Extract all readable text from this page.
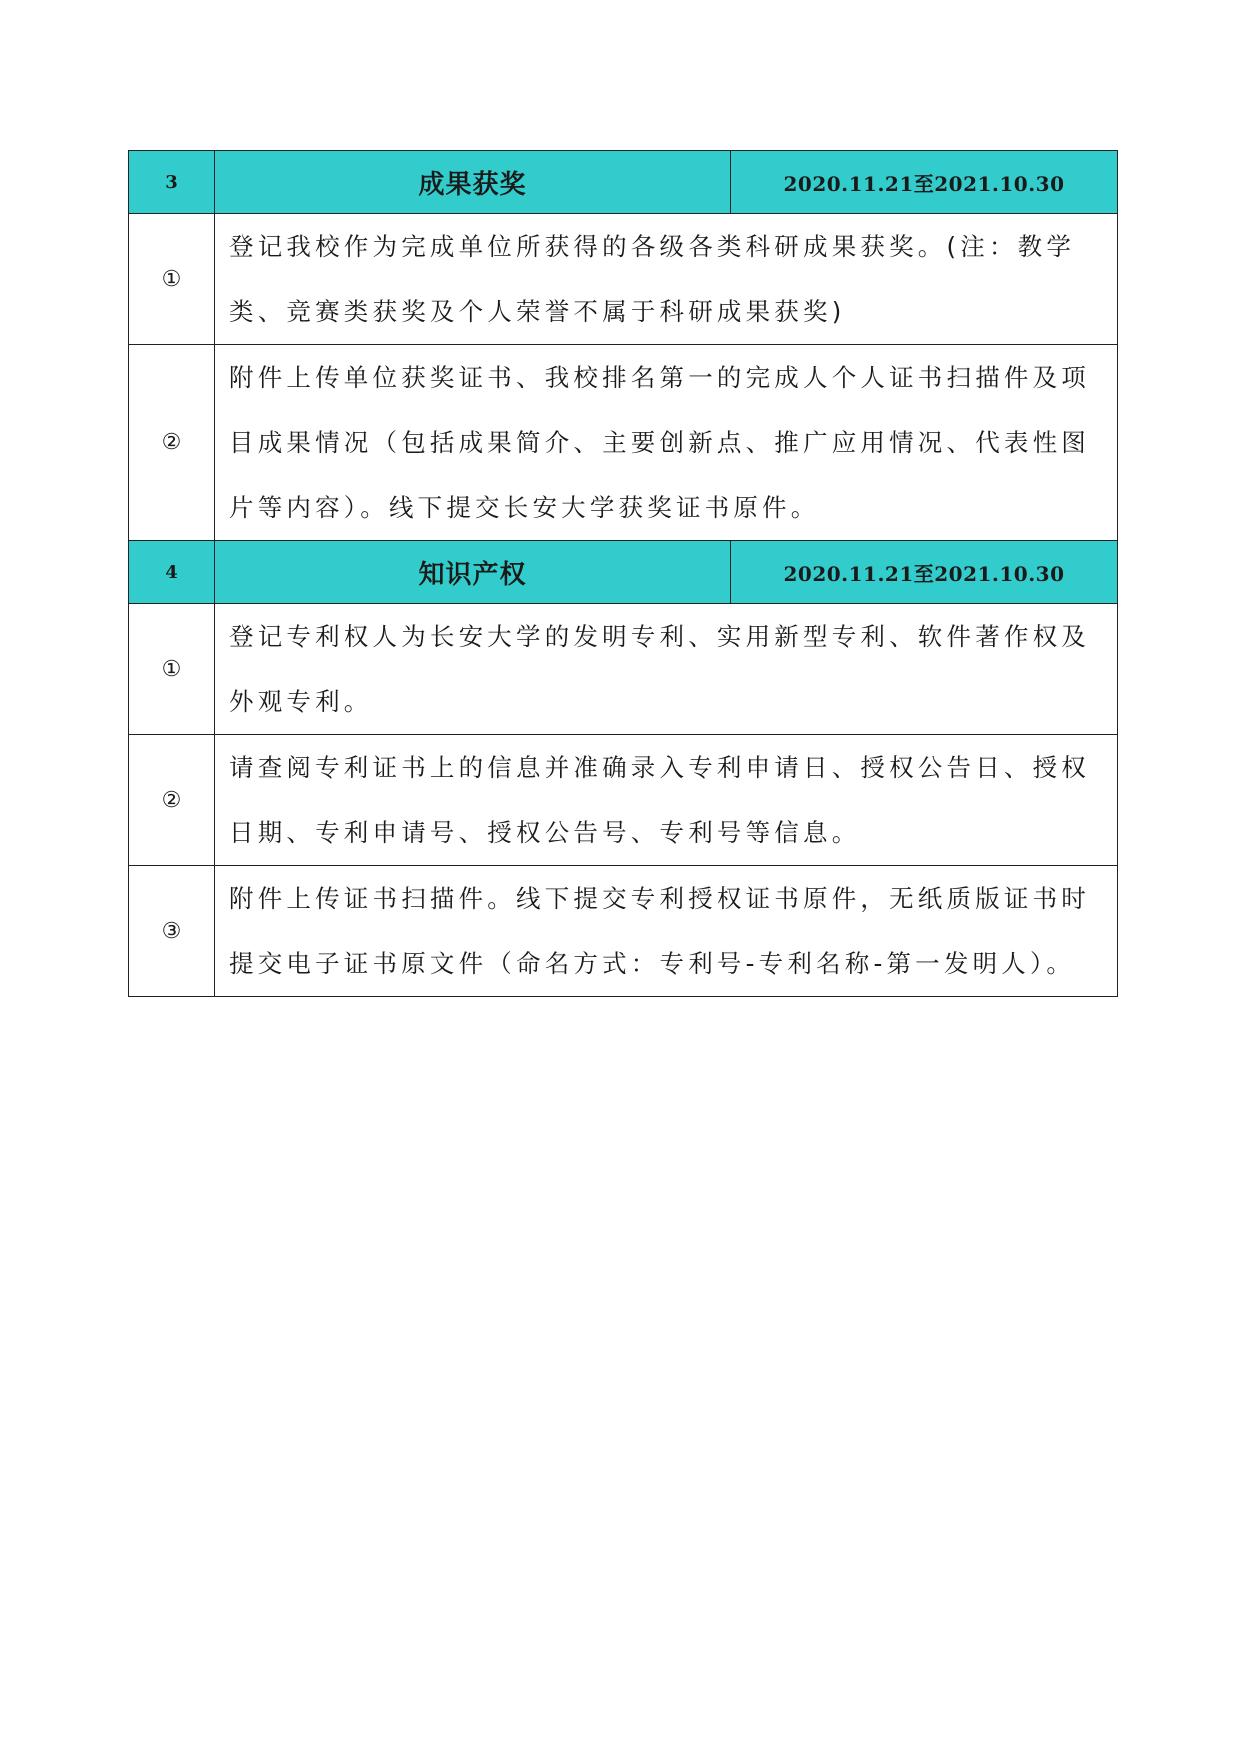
3	成果获奖	2020.11.21至2021.10.30
①	登记我校作为完成单位所获得的各级各类科研成果获奖。(注：教学类、竞赛类获奖及个人荣誉不属于科研成果获奖)	
②	附件上传单位获奖证书、我校排名第一的完成人个人证书扫描件及项目成果情况（包括成果简介、主要创新点、推广应用情况、代表性图片等内容）。线下提交长安大学获奖证书原件。	
4	知识产权	2020.11.21至2021.10.30
①	登记专利权人为长安大学的发明专利、实用新型专利、软件著作权及外观专利。	
②	请查阅专利证书上的信息并准确录入专利申请日、授权公告日、授权日期、专利申请号、授权公告号、专利号等信息。	
③	附件上传证书扫描件。线下提交专利授权证书原件，无纸质版证书时提交电子证书原文件（命名方式：专利号-专利名称-第一发明人）。	
